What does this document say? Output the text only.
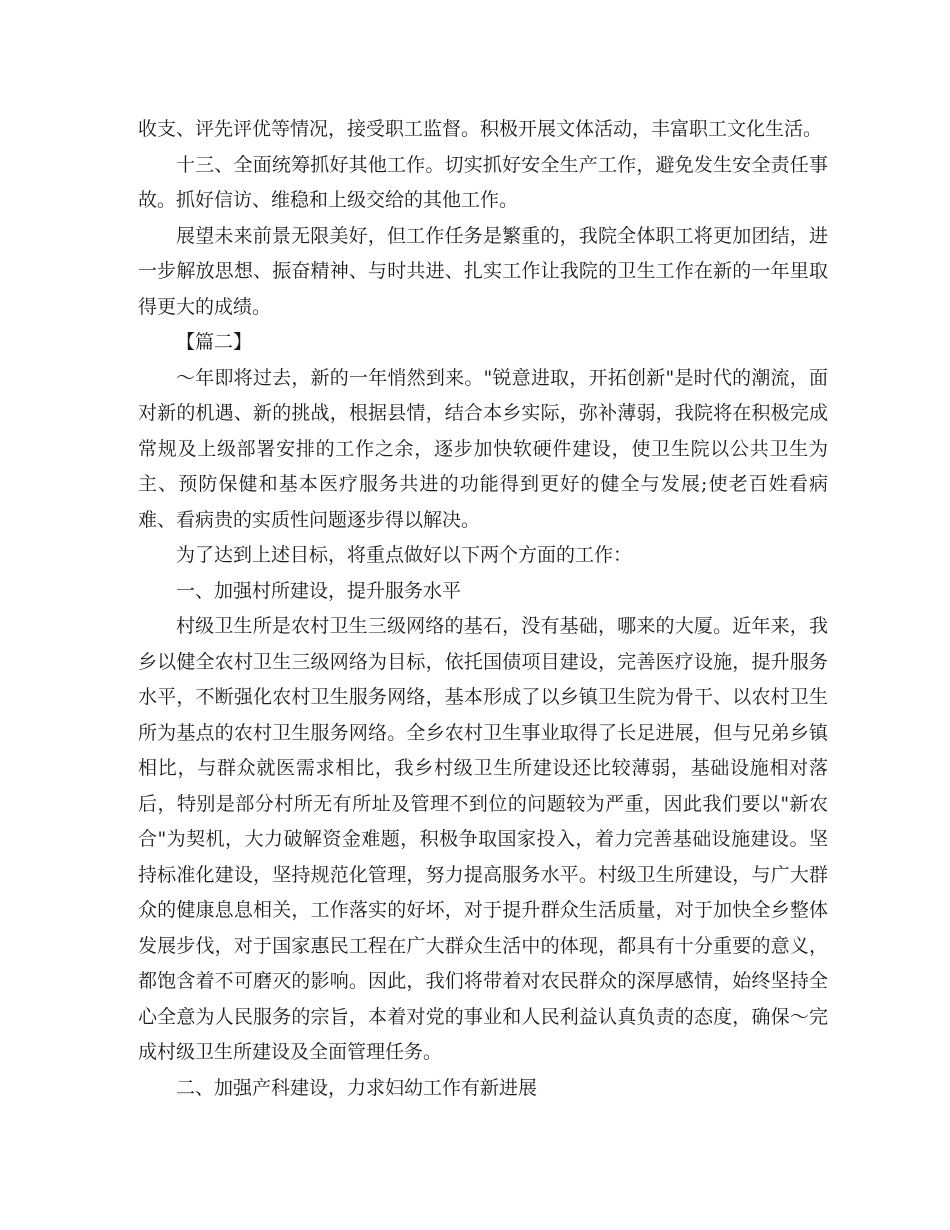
收支、评先评优等情况，接受职工监督。积极开展文体活动，丰富职工文化生活。

十三、全面统筹抓好其他工作。切实抓好安全生产工作，避免发生安全责任事故。抓好信访、维稳和上级交给的其他工作。

展望未来前景无限美好，但工作任务是繁重的，我院全体职工将更加团结，进一步解放思想、振奋精神、与时共进、扎实工作让我院的卫生工作在新的一年里取得更大的成绩。

【篇二】

～年即将过去，新的一年悄然到来。"锐意进取，开拓创新"是时代的潮流，面对新的机遇、新的挑战，根据县情，结合本乡实际，弥补薄弱，我院将在积极完成常规及上级部署安排的工作之余，逐步加快软硬件建设，使卫生院以公共卫生为主、预防保健和基本医疗服务共进的功能得到更好的健全与发展;使老百姓看病难、看病贵的实质性问题逐步得以解决。

为了达到上述目标，将重点做好以下两个方面的工作：

一、加强村所建设，提升服务水平

村级卫生所是农村卫生三级网络的基石，没有基础，哪来的大厦。近年来，我乡以健全农村卫生三级网络为目标，依托国债项目建设，完善医疗设施，提升服务水平，不断强化农村卫生服务网络，基本形成了以乡镇卫生院为骨干、以农村卫生所为基点的农村卫生服务网络。全乡农村卫生事业取得了长足进展，但与兄弟乡镇相比，与群众就医需求相比，我乡村级卫生所建设还比较薄弱，基础设施相对落后，特别是部分村所无有所址及管理不到位的问题较为严重，因此我们要以"新农合"为契机，大力破解资金难题，积极争取国家投入，着力完善基础设施建设。坚持标准化建设，坚持规范化管理，努力提高服务水平。村级卫生所建设，与广大群众的健康息息相关，工作落实的好坏，对于提升群众生活质量，对于加快全乡整体发展步伐，对于国家惠民工程在广大群众生活中的体现，都具有十分重要的意义，都饱含着不可磨灭的影响。因此，我们将带着对农民群众的深厚感情，始终坚持全心全意为人民服务的宗旨，本着对党的事业和人民利益认真负责的态度，确保～完成村级卫生所建设及全面管理任务。

二、加强产科建设，力求妇幼工作有新进展
